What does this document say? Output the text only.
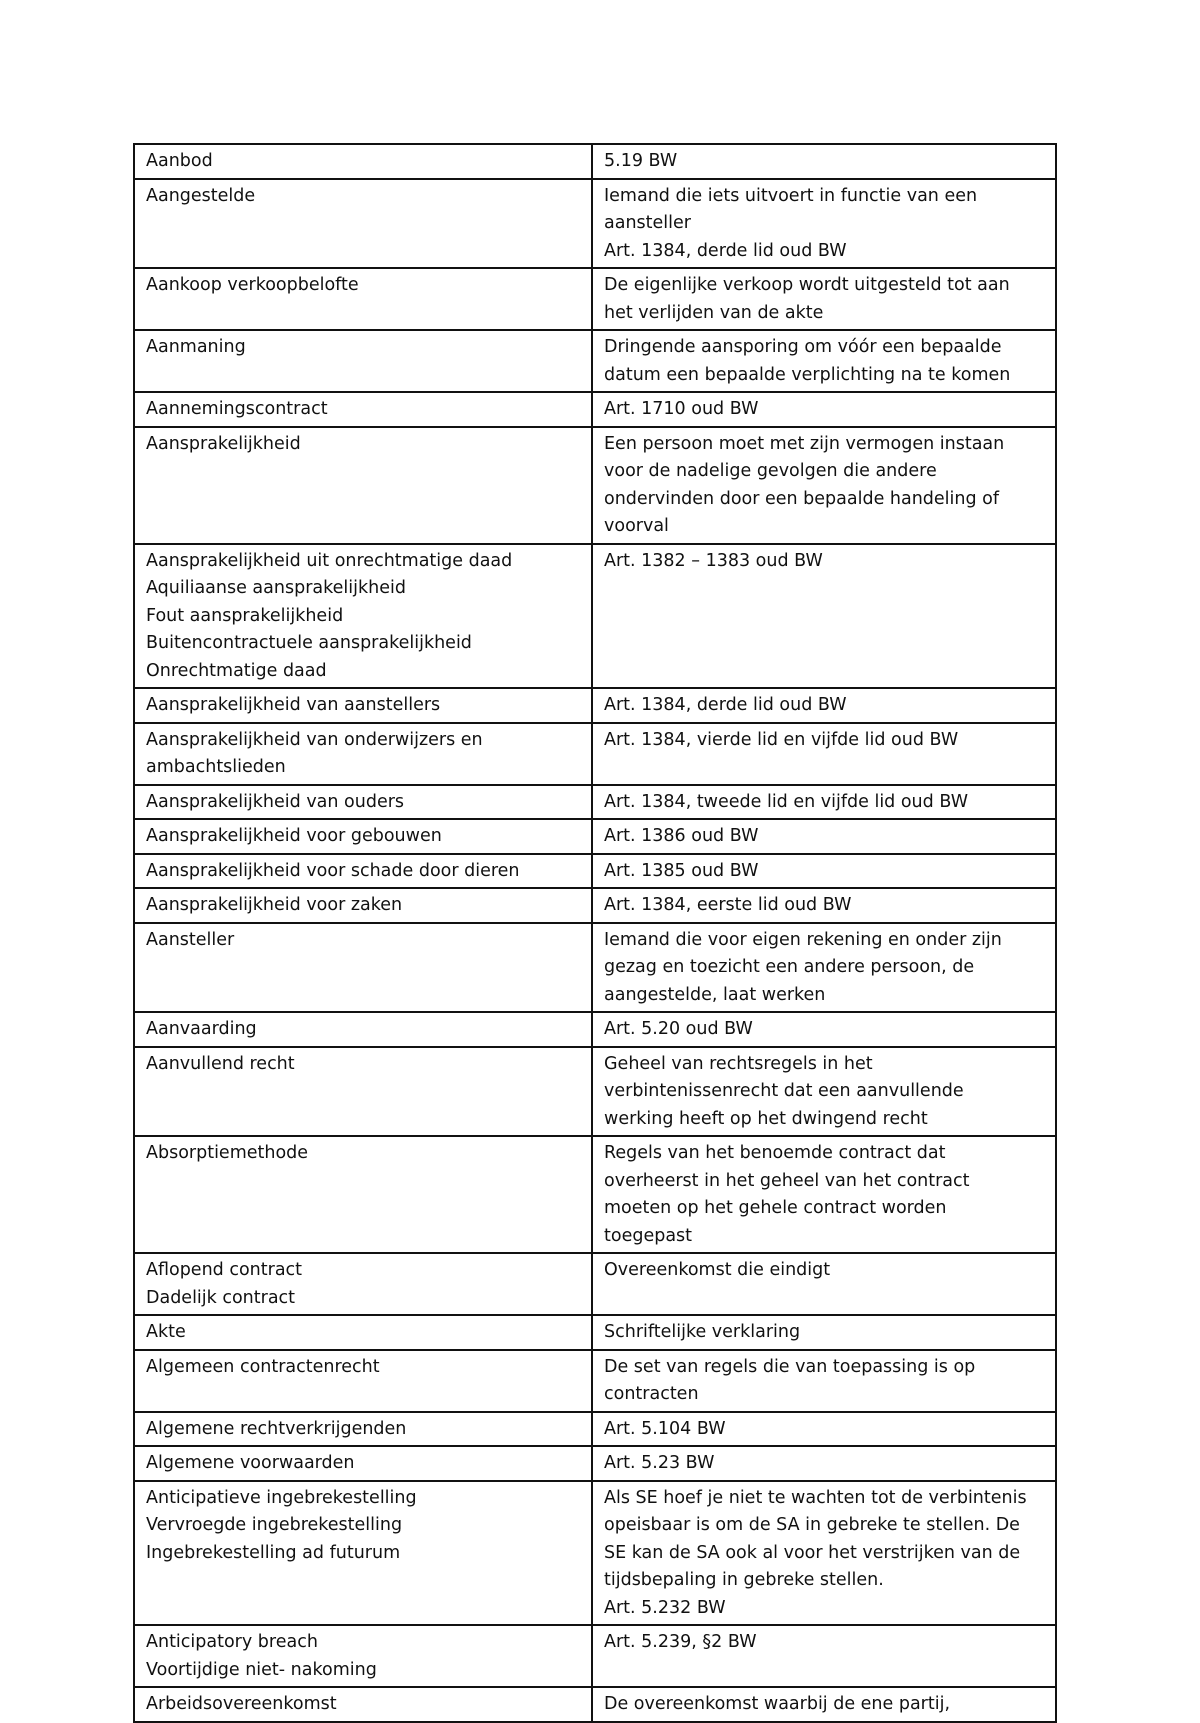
Aanbod	5.19 BW

Aangestelde	Iemand die iets uitvoert in functie van een
aansteller
Art. 1384, derde lid oud BW

Aankoop verkoopbelofte	De eigenlijke verkoop wordt uitgesteld tot aan
het verlijden van de akte

Aanmaning	Dringende aansporing om vóór een bepaalde
datum een bepaalde verplichting na te komen

Aannemingscontract	Art. 1710 oud BW

Aansprakelijkheid	Een persoon moet met zijn vermogen instaan
voor de nadelige gevolgen die andere
ondervinden door een bepaalde handeling of
voorval

Aansprakelijkheid uit onrechtmatige daad
Aquiliaanse aansprakelijkheid
Fout aansprakelijkheid
Buitencontractuele aansprakelijkheid
Onrechtmatige daad	Art. 1382 – 1383 oud BW

Aansprakelijkheid van aanstellers	Art. 1384, derde lid oud BW

Aansprakelijkheid van onderwijzers en
ambachtslieden	Art. 1384, vierde lid en vijfde lid oud BW

Aansprakelijkheid van ouders	Art. 1384, tweede lid en vijfde lid oud BW

Aansprakelijkheid voor gebouwen	Art. 1386 oud BW

Aansprakelijkheid voor schade door dieren	Art. 1385 oud BW

Aansprakelijkheid voor zaken	Art. 1384, eerste lid oud BW

Aansteller	Iemand die voor eigen rekening en onder zijn
gezag en toezicht een andere persoon, de
aangestelde, laat werken

Aanvaarding	Art. 5.20 oud BW

Aanvullend recht	Geheel van rechtsregels in het
verbintenissenrecht dat een aanvullende
werking heeft op het dwingend recht

Absorptiemethode	Regels van het benoemde contract dat
overheerst in het geheel van het contract
moeten op het gehele contract worden
toegepast

Aflopend contract
Dadelijk contract	Overeenkomst die eindigt

Akte	Schriftelijke verklaring

Algemeen contractenrecht	De set van regels die van toepassing is op
contracten

Algemene rechtverkrijgenden	Art. 5.104 BW

Algemene voorwaarden	Art. 5.23 BW

Anticipatieve ingebrekestelling
Vervroegde ingebrekestelling
Ingebrekestelling ad futurum	Als SE hoef je niet te wachten tot de verbintenis
opeisbaar is om de SA in gebreke te stellen. De
SE kan de SA ook al voor het verstrijken van de
tijdsbepaling in gebreke stellen.
Art. 5.232 BW

Anticipatory breach
Voortijdige niet- nakoming	Art. 5.239, §2 BW

Arbeidsovereenkomst	De overeenkomst waarbij de ene partij,
